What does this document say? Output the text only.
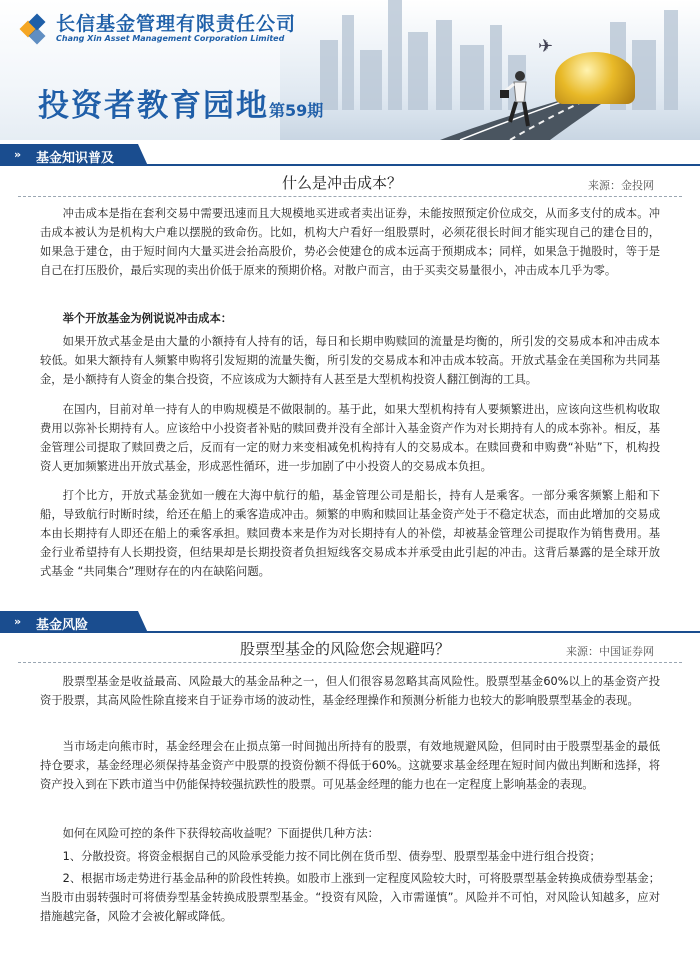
✈
长信基金管理有限责任公司
Chang Xin Asset Management Corporation Limited
投资者教育园地第59期
» 基金知识普及
什么是冲击成本？	来源：金投网

冲击成本是指在套利交易中需要迅速而且大规模地买进或者卖出证券，未能按照预定价位成交，从而多支付的成本。冲击成本被认为是机构大户难以摆脱的致命伤。比如，机构大户看好一组股票时，必须花很长时间才能实现自己的建仓目的，如果急于建仓，由于短时间内大量买进会抬高股价，势必会使建仓的成本远高于预期成本；同样，如果急于抛股时，等于是自己在打压股价，最后实现的卖出价低于原来的预期价格。对散户而言，由于买卖交易量很小，冲击成本几乎为零。

举个开放基金为例说说冲击成本：

如果开放式基金是由大量的小额持有人持有的话，每日和长期申购赎回的流量是均衡的，所引发的交易成本和冲击成本较低。如果大额持有人频繁申购将引发短期的流量失衡，所引发的交易成本和冲击成本较高。开放式基金在美国称为共同基金，是小额持有人资金的集合投资，不应该成为大额持有人甚至是大型机构投资人翻江倒海的工具。

在国内，目前对单一持有人的申购规模是不做限制的。基于此，如果大型机构持有人要频繁进出，应该向这些机构收取费用以弥补长期持有人。应该给中小投资者补贴的赎回费并没有全部计入基金资产作为对长期持有人的成本弥补。相反，基金管理公司提取了赎回费之后，反而有一定的财力来变相减免机构持有人的交易成本。在赎回费和申购费“补贴”下，机构投资人更加频繁进出开放式基金，形成恶性循环，进一步加剧了中小投资人的交易成本负担。

打个比方，开放式基金犹如一艘在大海中航行的船，基金管理公司是船长，持有人是乘客。一部分乘客频繁上船和下船，导致航行时断时续，给还在船上的乘客造成冲击。频繁的申购和赎回让基金资产处于不稳定状态，而由此增加的交易成本由长期持有人即还在船上的乘客承担。赎回费本来是作为对长期持有人的补偿，却被基金管理公司提取作为销售费用。基金行业希望持有人长期投资，但结果却是长期投资者负担短线客交易成本并承受由此引起的冲击。这背后暴露的是全球开放式基金 “共同集合”理财存在的内在缺陷问题。

» 基金风险
股票型基金的风险您会规避吗？	来源：中国证券网

股票型基金是收益最高、风险最大的基金品种之一，但人们很容易忽略其高风险性。股票型基金60%以上的基金资产投资于股票，其高风险性除直接来自于证券市场的波动性，基金经理操作和预测分析能力也较大的影响股票型基金的表现。

当市场走向熊市时，基金经理会在止损点第一时间抛出所持有的股票，有效地规避风险，但同时由于股票型基金的最低持仓要求，基金经理必须保持基金资产中股票的投资份额不得低于60%。这就要求基金经理在短时间内做出判断和选择，将资产投入到在下跌市道当中仍能保持较强抗跌性的股票。可见基金经理的能力也在一定程度上影响基金的表现。

如何在风险可控的条件下获得较高收益呢？下面提供几种方法：

1、分散投资。将资金根据自己的风险承受能力按不同比例在货币型、债券型、股票型基金中进行组合投资；

2、根据市场走势进行基金品种的阶段性转换。如股市上涨到一定程度风险较大时，可将股票型基金转换成债券型基金；当股市由弱转强时可将债券型基金转换成股票型基金。“投资有风险，入市需谨慎”。风险并不可怕，对风险认知越多，应对措施越完备，风险才会被化解或降低。
